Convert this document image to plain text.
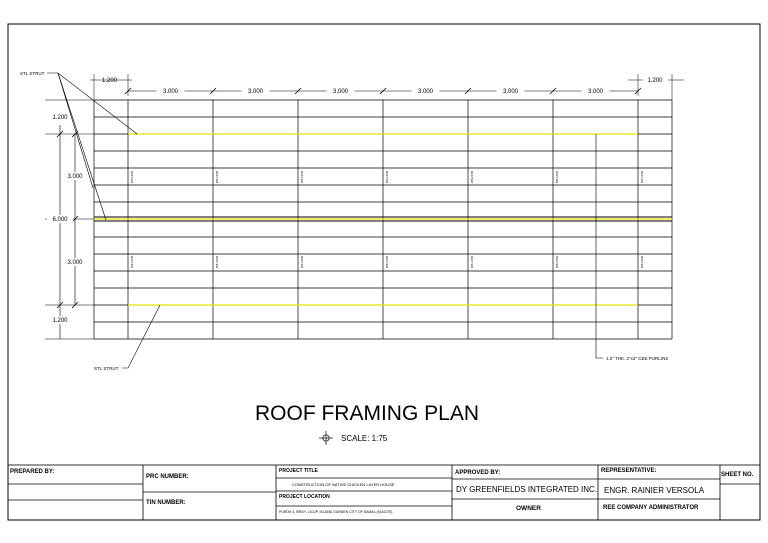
RAFTER	RAFTER	RAFTER	RAFTER	RAFTER	RAFTER	RAFTER
RAFTER	RAFTER	RAFTER	RAFTER	RAFTER	RAFTER	RAFTER
1.200
3.000	3.000	3.000	3.000	3.000	3.000
1.200
1.200
3.000
6.000
3.000
1.200
STL STRUT
STL STRUT
1.2" THK. 2"x3" CEE PURLINS
ROOF FRAMING PLAN
SCALE: 1:75
PREPARED BY:
PRC NUMBER:
TIN NUMBER:
PROJECT TITLE
CONSTRUCTION OF NATIVE CHICKEN LAYER HOUSE
PROJECT LOCATION
PUROK 4, BRGY. LICUP, ISLAND GARDEN CITY OF SAMAL (IGACOS)
APPROVED BY:
DY GREENFIELDS INTEGRATED INC.
OWNER
REPRESENTATIVE:
ENGR. RAINIER VERSOLA
REE COMPANY ADMINISTRATOR
SHEET NO.
